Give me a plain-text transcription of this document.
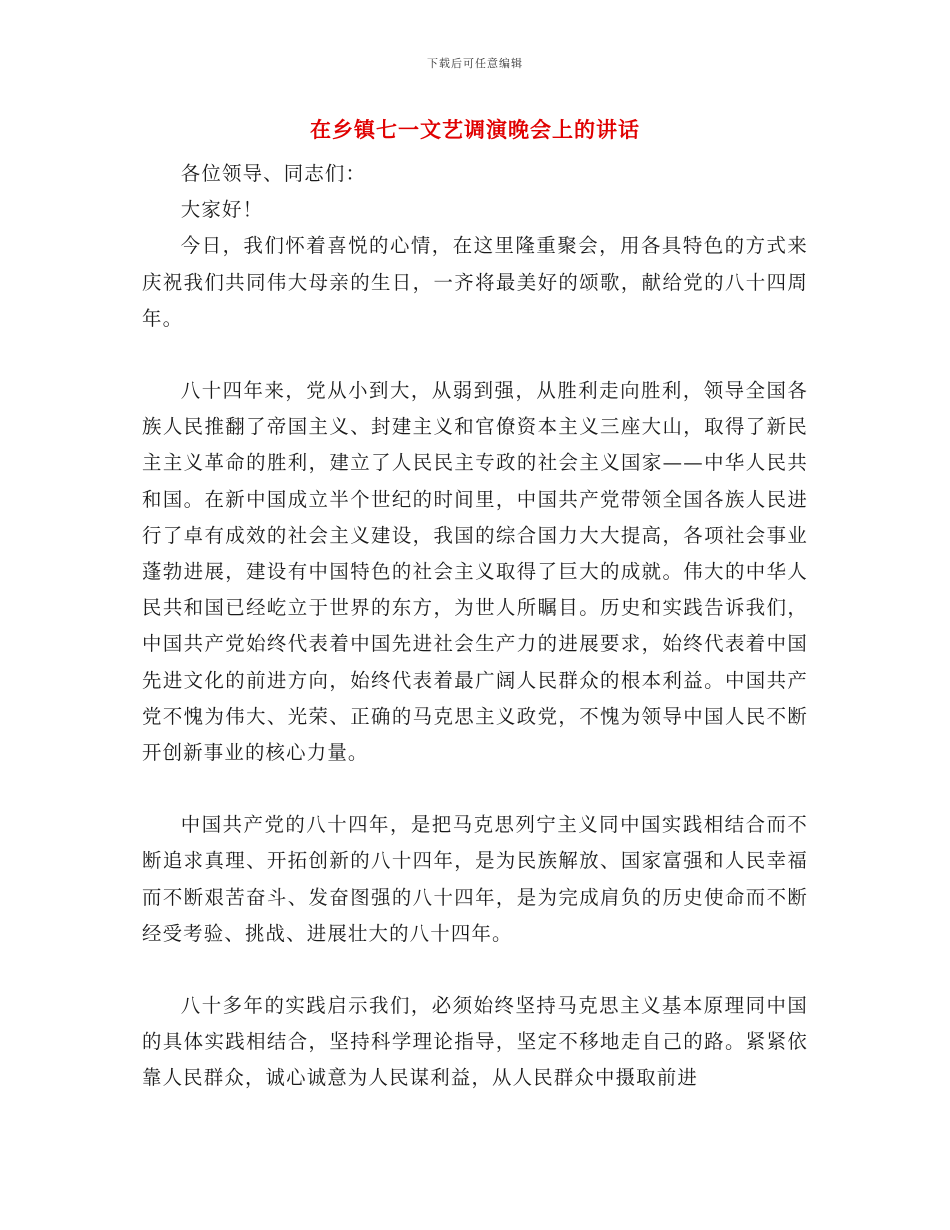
下载后可任意编辑
在乡镇七一文艺调演晚会上的讲话

各位领导、同志们：

大家好！

今日，我们怀着喜悦的心情，在这里隆重聚会，用各具特色的方式来庆祝我们共同伟大母亲的生日，一齐将最美好的颂歌，献给党的八十四周年。

八十四年来，党从小到大，从弱到强，从胜利走向胜利，领导全国各族人民推翻了帝国主义、封建主义和官僚资本主义三座大山，取得了新民主主义革命的胜利，建立了人民民主专政的社会主义国家——中华人民共和国。在新中国成立半个世纪的时间里，中国共产党带领全国各族人民进行了卓有成效的社会主义建设，我国的综合国力大大提高，各项社会事业蓬勃进展，建设有中国特色的社会主义取得了巨大的成就。伟大的中华人民共和国已经屹立于世界的东方，为世人所瞩目。历史和实践告诉我们，中国共产党始终代表着中国先进社会生产力的进展要求，始终代表着中国先进文化的前进方向，始终代表着最广阔人民群众的根本利益。中国共产党不愧为伟大、光荣、正确的马克思主义政党，不愧为领导中国人民不断开创新事业的核心力量。

中国共产党的八十四年，是把马克思列宁主义同中国实践相结合而不断追求真理、开拓创新的八十四年，是为民族解放、国家富强和人民幸福而不断艰苦奋斗、发奋图强的八十四年，是为完成肩负的历史使命而不断经受考验、挑战、进展壮大的八十四年。

八十多年的实践启示我们，必须始终坚持马克思主义基本原理同中国的具体实践相结合，坚持科学理论指导，坚定不移地走自己的路。紧紧依靠人民群众，诚心诚意为人民谋利益，从人民群众中摄取前进
